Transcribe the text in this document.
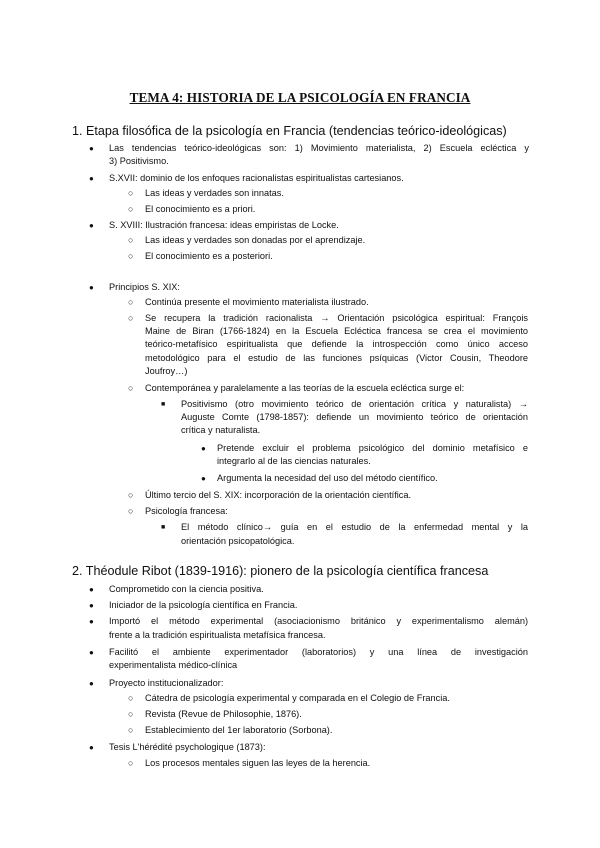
TEMA 4: HISTORIA DE LA PSICOLOGÍA EN FRANCIA
1. Etapa filosófica de la psicología en Francia (tendencias teórico-ideológicas)
● Las tendencias teórico-ideológicas son: 1) Movimiento materialista, 2) Escuela ecléctica y
3) Positivismo.
● S.XVII: dominio de los enfoques racionalistas espiritualistas cartesianos.
○ Las ideas y verdades son innatas.
○ El conocimiento es a priori.
● S. XVIII: Ilustración francesa: ideas empiristas de Locke.
○ Las ideas y verdades son donadas por el aprendizaje.
○ El conocimiento es a posteriori.
● Principios S. XIX:
○ Continúa presente el movimiento materialista ilustrado.
○ Se recupera la tradición racionalista → Orientación psicológica espiritual: François
Maine de Biran (1766-1824) en la Escuela Ecléctica francesa se crea el movimiento
teórico-metafísico espiritualista que defiende la introspección como único acceso
metodológico para el estudio de las funciones psíquicas (Victor Cousin, Theodore
Joufroy…)
○ Contemporánea y paralelamente a las teorías de la escuela ecléctica surge el:
■ Positivismo (otro movimiento teórico de orientación crítica y naturalista) →
Auguste Comte (1798-1857): defiende un movimiento teórico de orientación
crítica y naturalista.
● Pretende excluir el problema psicológico del dominio metafísico e
integrarlo al de las ciencias naturales.
● Argumenta la necesidad del uso del método científico.
○ Último tercio del S. XIX: incorporación de la orientación científica.
○ Psicología francesa:
■ El método clínico→ guía en el estudio de la enfermedad mental y la
orientación psicopatológica.
2. Théodule Ribot (1839-1916): pionero de la psicología científica francesa
● Comprometido con la ciencia positiva.
● Iniciador de la psicología científica en Francia.
● Importó el método experimental (asociacionismo británico y experimentalismo alemán)
frente a la tradición espiritualista metafísica francesa.
● Facilitó el ambiente experimentador (laboratorios) y una línea de investigación
experimentalista médico-clínica
● Proyecto institucionalizador:
○ Cátedra de psicología experimental y comparada en el Colegio de Francia.
○ Revista (Revue de Philosophie, 1876).
○ Establecimiento del 1er laboratorio (Sorbona).
● Tesis L'hérédité psychologique (1873):
○ Los procesos mentales siguen las leyes de la herencia.
